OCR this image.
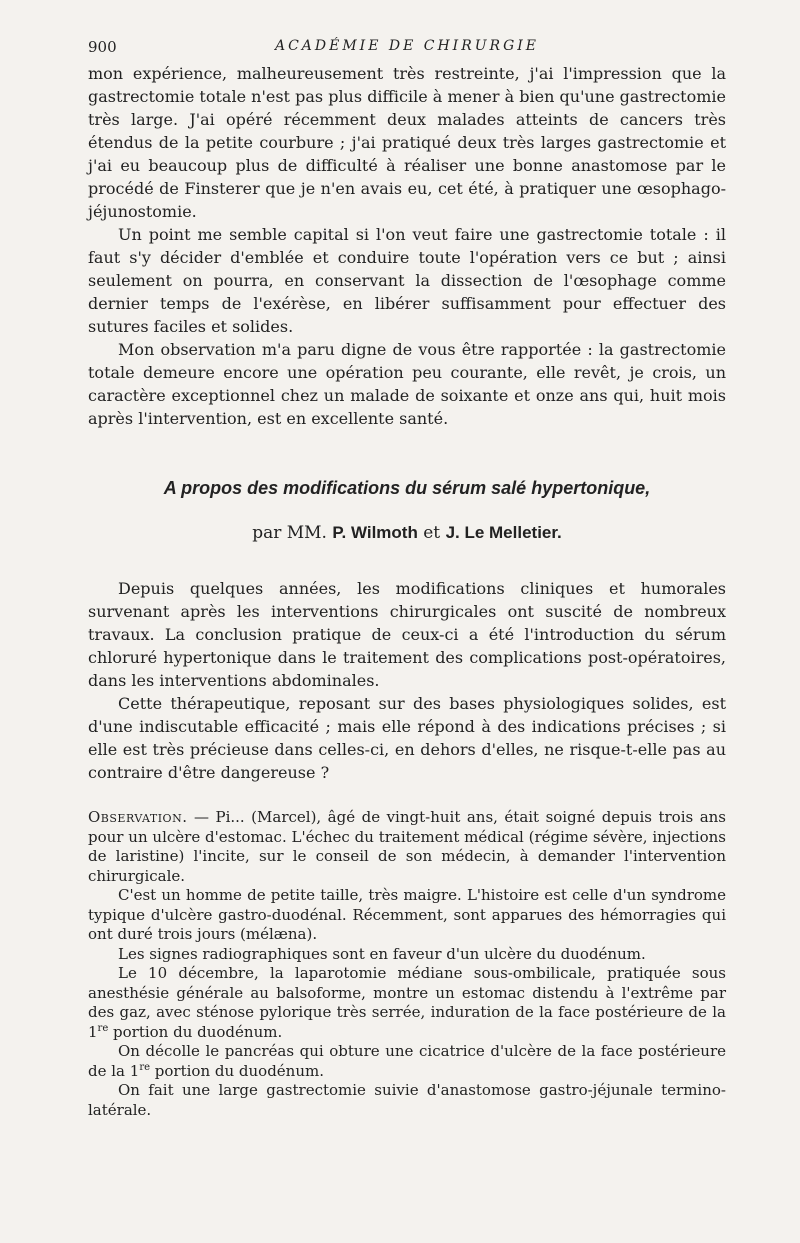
900	ACADÉMIE DE CHIRURGIE

mon expérience, malheureusement très restreinte, j'ai l'impression que la gastrectomie totale n'est pas plus difficile à mener à bien qu'une gastrectomie très large. J'ai opéré récemment deux malades atteints de cancers très étendus de la petite courbure ; j'ai pratiqué deux très larges gastrectomie et j'ai eu beaucoup plus de difficulté à réaliser une bonne anastomose par le procédé de Finsterer que je n'en avais eu, cet été, à pratiquer une œsophago-jéjunostomie.

Un point me semble capital si l'on veut faire une gastrectomie totale : il faut s'y décider d'emblée et conduire toute l'opération vers ce but ; ainsi seulement on pourra, en conservant la dissection de l'œsophage comme dernier temps de l'exérèse, en libérer suffisamment pour effectuer des sutures faciles et solides.

Mon observation m'a paru digne de vous être rapportée : la gastrectomie totale demeure encore une opération peu courante, elle revêt, je crois, un caractère exceptionnel chez un malade de soixante et onze ans qui, huit mois après l'intervention, est en excellente santé.

A propos des modifications du sérum salé hypertonique,
par MM. P. Wilmoth et J. Le Melletier.

Depuis quelques années, les modifications cliniques et humorales survenant après les interventions chirurgicales ont suscité de nombreux travaux. La conclusion pratique de ceux-ci a été l'introduction du sérum chloruré hypertonique dans le traitement des complications post-opératoires, dans les interventions abdominales.

Cette thérapeutique, reposant sur des bases physiologiques solides, est d'une indiscutable efficacité ; mais elle répond à des indications précises ; si elle est très précieuse dans celles-ci, en dehors d'elles, ne risque-t-elle pas au contraire d'être dangereuse ?

Observation. — Pi... (Marcel), âgé de vingt-huit ans, était soigné depuis trois ans pour un ulcère d'estomac. L'échec du traitement médical (régime sévère, injections de laristine) l'incite, sur le conseil de son médecin, à demander l'intervention chirurgicale.

C'est un homme de petite taille, très maigre. L'histoire est celle d'un syndrome typique d'ulcère gastro-duodénal. Récemment, sont apparues des hémorragies qui ont duré trois jours (mélæna).

Les signes radiographiques sont en faveur d'un ulcère du duodénum.

Le 10 décembre, la laparotomie médiane sous-ombilicale, pratiquée sous anesthésie générale au balsoforme, montre un estomac distendu à l'extrême par des gaz, avec sténose pylorique très serrée, induration de la face postérieure de la 1re portion du duodénum.

On décolle le pancréas qui obture une cicatrice d'ulcère de la face postérieure de la 1re portion du duodénum.

On fait une large gastrectomie suivie d'anastomose gastro-jéjunale termino-latérale.
